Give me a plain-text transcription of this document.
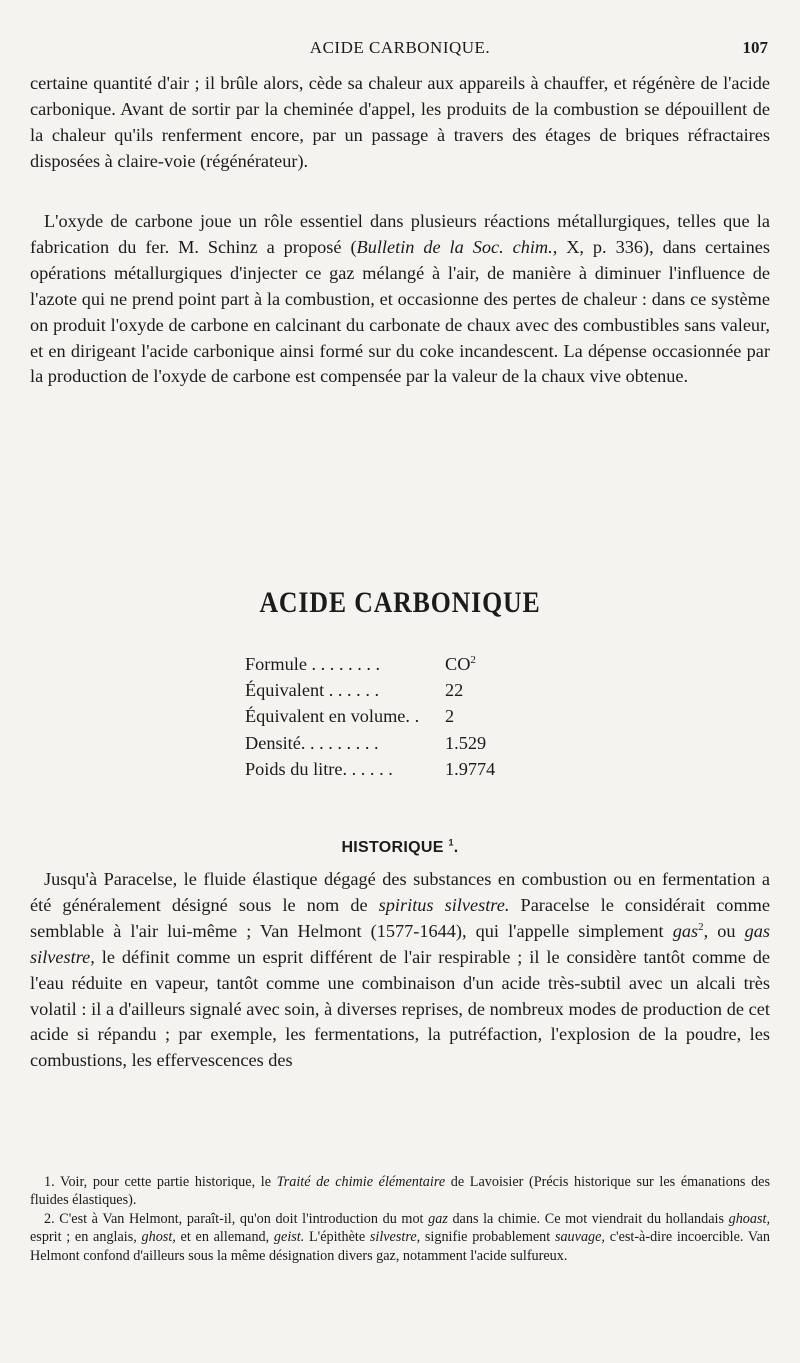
ACIDE CARBONIQUE.	107

certaine quantité d'air ; il brûle alors, cède sa chaleur aux appareils à chauffer, et régénère de l'acide carbonique. Avant de sortir par la cheminée d'appel, les produits de la combustion se dépouillent de la chaleur qu'ils renferment encore, par un passage à travers des étages de briques réfractaires disposées à claire-voie (régénérateur).

L'oxyde de carbone joue un rôle essentiel dans plusieurs réactions métallurgiques, telles que la fabrication du fer. M. Schinz a proposé (Bulletin de la Soc. chim., X, p. 336), dans certaines opérations métallurgiques d'injecter ce gaz mélangé à l'air, de manière à diminuer l'influence de l'azote qui ne prend point part à la combustion, et occasionne des pertes de chaleur : dans ce système on produit l'oxyde de carbone en calcinant du carbonate de chaux avec des combustibles sans valeur, et en dirigeant l'acide carbonique ainsi formé sur du coke incandescent. La dépense occasionnée par la production de l'oxyde de carbone est compensée par la valeur de la chaux vive obtenue.

ACIDE CARBONIQUE
Formule . . . . . . . .	$CO^2$
Équivalent . . . . . .	22
Équivalent en volume. .	2
Densité. . . . . . . . .	1.529
Poids du litre. . . . . .	1.9774
HISTORIQUE $^1$.

Jusqu'à Paracelse, le fluide élastique dégagé des substances en combustion ou en fermentation a été généralement désigné sous le nom de spiritus silvestre. Paracelse le considérait comme semblable à l'air lui-même ; Van Helmont (1577-1644), qui l'appelle simplement gas$^2$, ou gas silvestre, le définit comme un esprit différent de l'air respirable ; il le considère tantôt comme de l'eau réduite en vapeur, tantôt comme une combinaison d'un acide très-subtil avec un alcali très volatil : il a d'ailleurs signalé avec soin, à diverses reprises, de nombreux modes de production de cet acide si répandu ; par exemple, les fermentations, la putréfaction, l'explosion de la poudre, les combustions, les effervescences des

1. Voir, pour cette partie historique, le Traité de chimie élémentaire de Lavoisier (Précis historique sur les émanations des fluides élastiques).

2. C'est à Van Helmont, paraît-il, qu'on doit l'introduction du mot gaz dans la chimie. Ce mot viendrait du hollandais ghoast, esprit ; en anglais, ghost, et en allemand, geist. L'épithète silvestre, signifie probablement sauvage, c'est-à-dire incoercible. Van Helmont confond d'ailleurs sous la même désignation divers gaz, notamment l'acide sulfureux.
